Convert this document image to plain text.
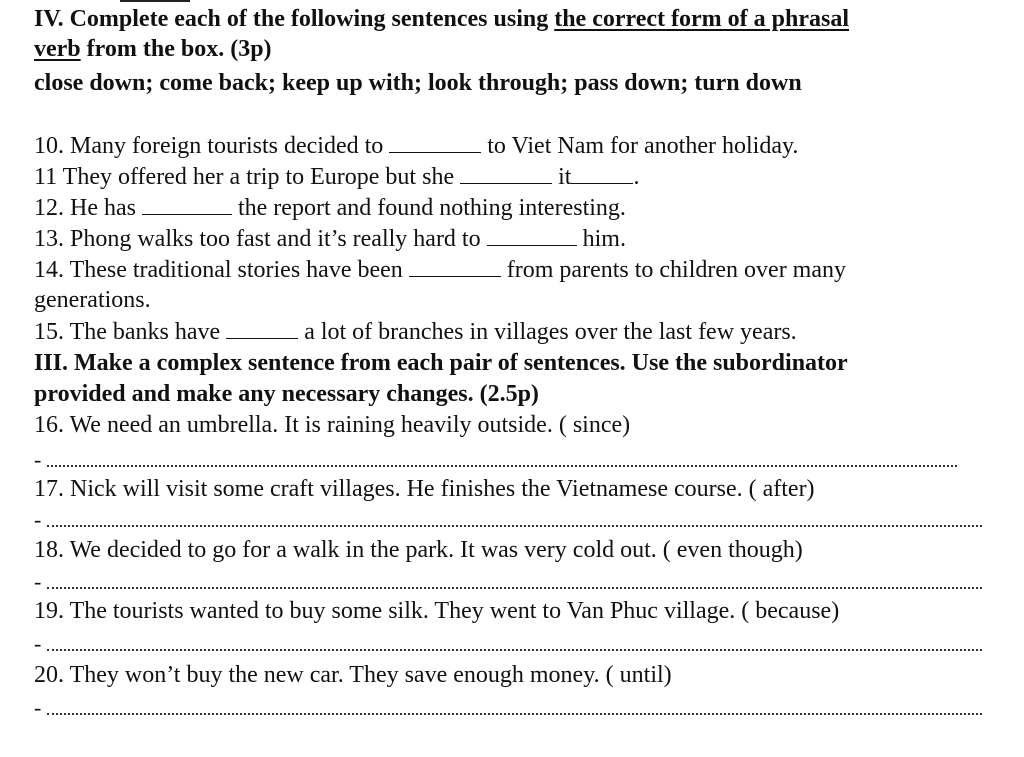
IV. Complete each of the following sentences using the correct form of a phrasal
verb from the box. (3p)
close down; come back; keep up with; look through; pass down; turn down
10. Many foreign tourists decided to	to Viet Nam for another holiday.
11 They offered her a trip to Europe but she	it	.
12. He has	the report and found nothing interesting.
13. Phong walks too fast and it’s really hard to	him.
14. These traditional stories have been	from parents to children over many
generations.
15. The banks have	a lot of branches in villages over the last few years.
III. Make a complex sentence from each pair of sentences. Use the subordinator
provided and make any necessary changes. (2.5p)
16. We need an umbrella. It is raining heavily outside. ( since)
-
17. Nick will visit some craft villages. He finishes the Vietnamese course. ( after)
-
18. We decided to go for a walk in the park. It was very cold out. ( even though)
-
19. The tourists wanted to buy some silk. They went to Van Phuc village. ( because)
-
20. They won’t buy the new car. They save enough money. ( until)
-
